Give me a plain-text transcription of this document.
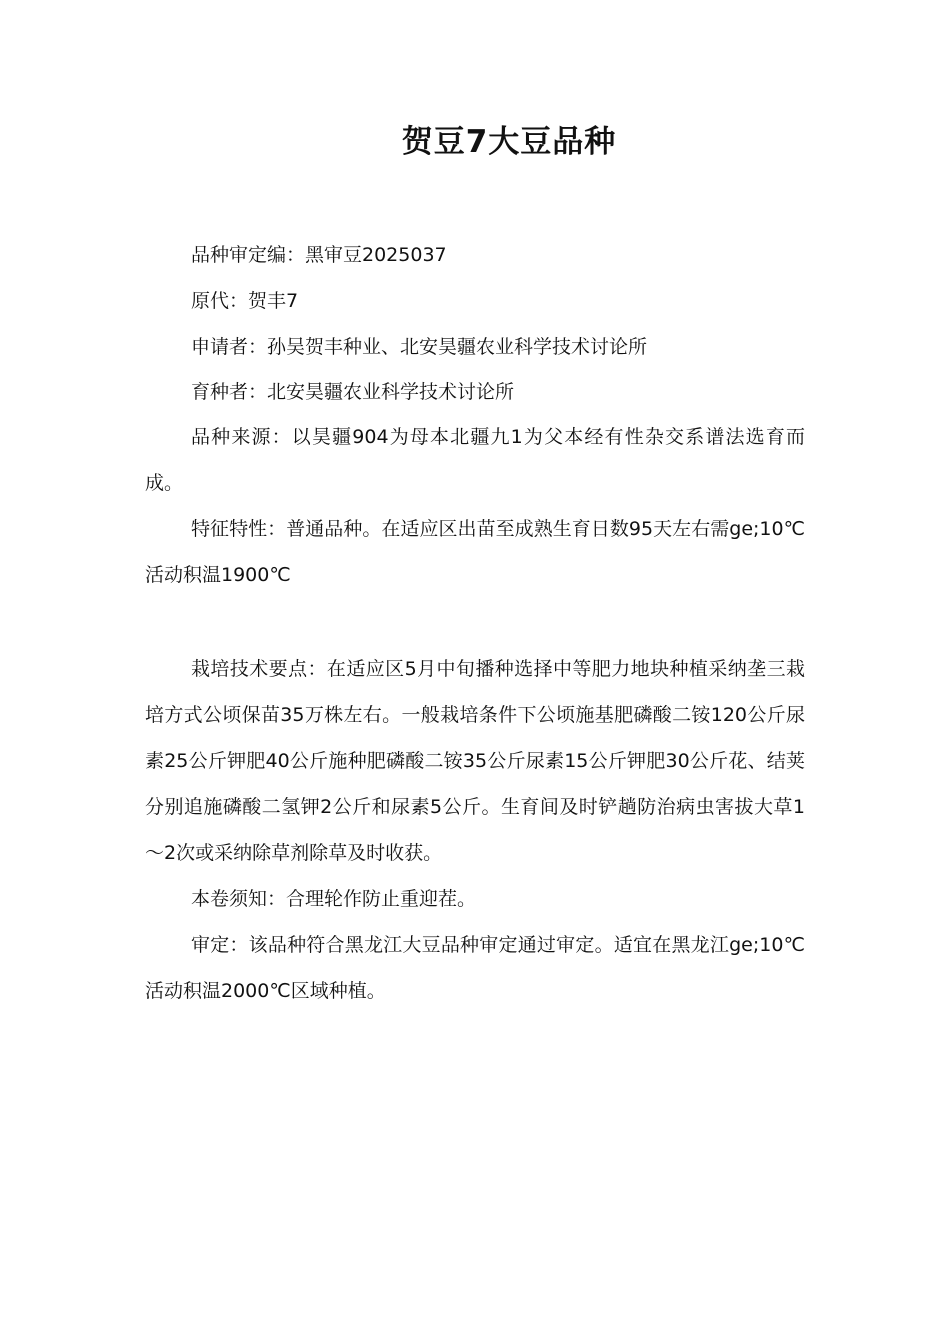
贺豆7大豆品种

品种审定编：黑审豆2025037

原代：贺丰7

申请者：孙吴贺丰种业、北安昊疆农业科学技术讨论所

育种者：北安昊疆农业科学技术讨论所

品种来源：以昊疆904为母本北疆九1为父本经有性杂交系谱法选育而成。

特征特性：普通品种。在适应区出苗至成熟生育日数95天左右需ge;10℃活动积温1900℃

栽培技术要点：在适应区5月中旬播种选择中等肥力地块种植采纳垄三栽培方式公顷保苗35万株左右。一般栽培条件下公顷施基肥磷酸二铵120公斤尿素25公斤钾肥40公斤施种肥磷酸二铵35公斤尿素15公斤钾肥30公斤花、结荚分别追施磷酸二氢钾2公斤和尿素5公斤。生育间及时铲趟防治病虫害拔大草1～2次或采纳除草剂除草及时收获。

本卷须知：合理轮作防止重迎茬。

审定：该品种符合黑龙江大豆品种审定通过审定。适宜在黑龙江ge;10℃活动积温2000℃区域种植。
